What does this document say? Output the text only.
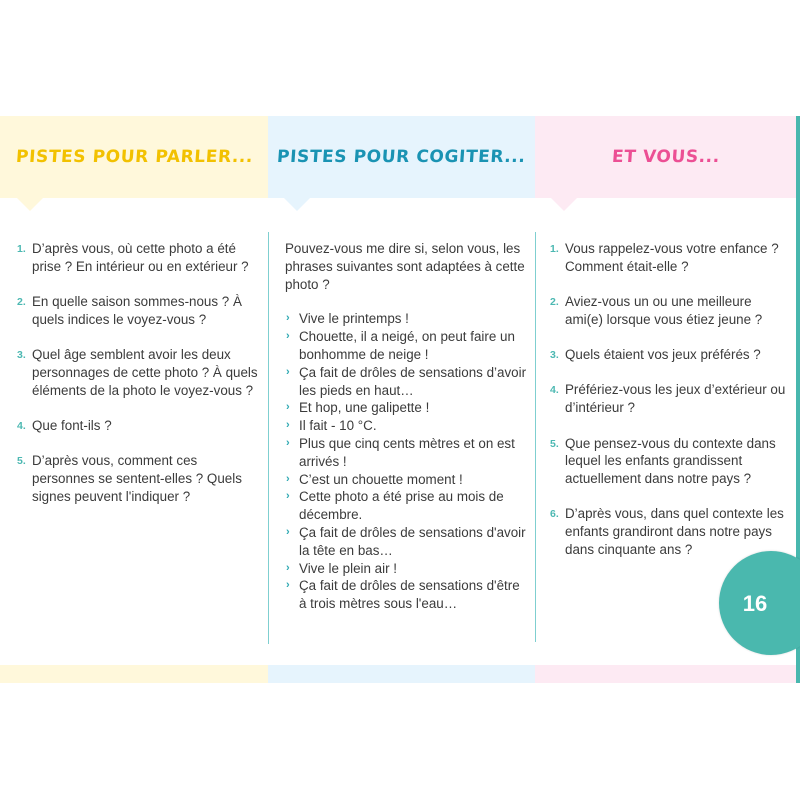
PISTES POUR PARLER... PISTES POUR COGITER...	ET VOUS...
1. D’après vous, où cette photo a été prise ? En intérieur ou en extérieur ?
2. En quelle saison sommes-nous ? À quels indices le voyez-vous ?
3. Quel âge semblent avoir les deux personnages de cette photo ? À quels éléments de la photo le voyez-vous ?
4. Que font-ils ?
5. D’après vous, comment ces personnes se sentent-elles ? Quels signes peuvent l'indiquer ?

Pouvez-vous me dire si, selon vous, les phrases suivantes sont adaptées à cette photo ?

› Vive le printemps !
› Chouette, il a neigé, on peut faire un bonhomme de neige !
› Ça fait de drôles de sensations d’avoir les pieds en haut…
› Et hop, une galipette !
› Il fait - 10 °C.
› Plus que cinq cents mètres et on est arrivés !
› C’est un chouette moment !
› Cette photo a été prise au mois de décembre.
› Ça fait de drôles de sensations d'avoir la tête en bas…
› Vive le plein air !
› Ça fait de drôles de sensations d'être à trois mètres sous l'eau…
1. Vous rappelez-vous votre enfance ? Comment était-elle ?
2. Aviez-vous un ou une meilleure ami(e) lorsque vous étiez jeune ?
3. Quels étaient vos jeux préférés ?
4. Préfériez-vous les jeux d’extérieur ou d’intérieur ?
5. Que pensez-vous du contexte dans lequel les enfants grandissent actuellement dans notre pays ?
6. D’après vous, dans quel contexte les enfants grandiront dans notre pays dans cinquante ans ?
16
